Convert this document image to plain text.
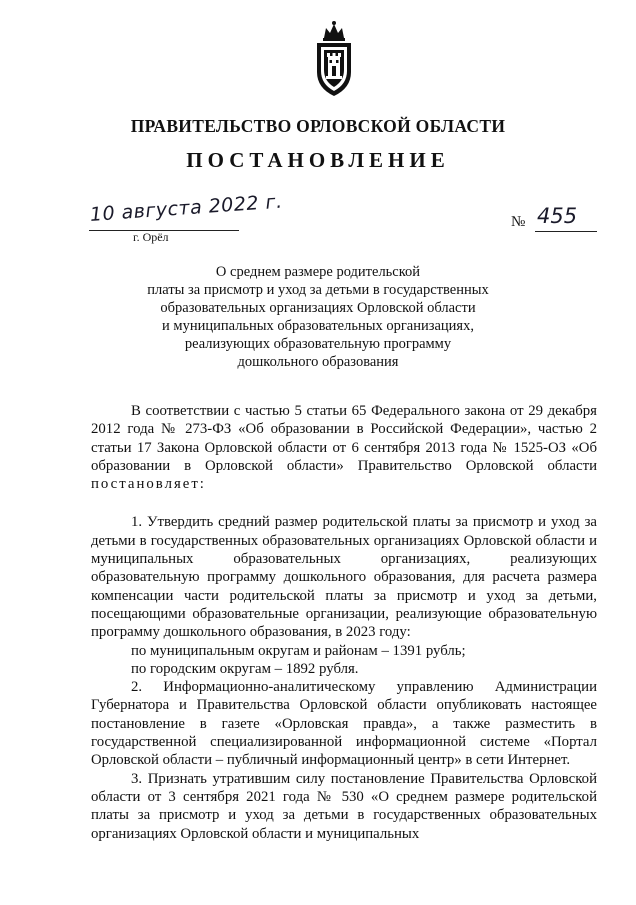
ПРАВИТЕЛЬСТВО ОРЛОВСКОЙ ОБЛАСТИ
ПОСТАНОВЛЕНИЕ
10 августа 2022 г.
г. Орёл
№ 455
О среднем размере родительской
платы за присмотр и уход за детьми в государственных
образовательных организациях Орловской области
и муниципальных образовательных организациях,
реализующих образовательную программу
дошкольного образования

В соответствии с частью 5 статьи 65 Федерального закона от 29 декабря 2012 года № 273-ФЗ «Об образовании в Российской Федерации», частью 2 статьи 17 Закона Орловской области от 6 сентября 2013 года № 1525-ОЗ «Об образовании в Орловской области» Правительство Орловской области постановляет:

1. Утвердить средний размер родительской платы за присмотр и уход за детьми в государственных образовательных организациях Орловской области и муниципальных образовательных организациях, реализующих образовательную программу дошкольного образования, для расчета размера компенсации части родительской платы за присмотр и уход за детьми, посещающими образовательные организации, реализующие образовательную программу дошкольного образования, в 2023 году:

по муниципальным округам и районам – 1391 рубль;

по городским округам – 1892 рубля.

2. Информационно-аналитическому управлению Администрации Губернатора и Правительства Орловской области опубликовать настоящее постановление в газете «Орловская правда», а также разместить в государственной специализированной информационной системе «Портал Орловской области – публичный информационный центр» в сети Интернет.

3. Признать утратившим силу постановление Правительства Орловской области от 3 сентября 2021 года № 530 «О среднем размере родительской платы за присмотр и уход за детьми в государственных образовательных организациях Орловской области и муниципальных
